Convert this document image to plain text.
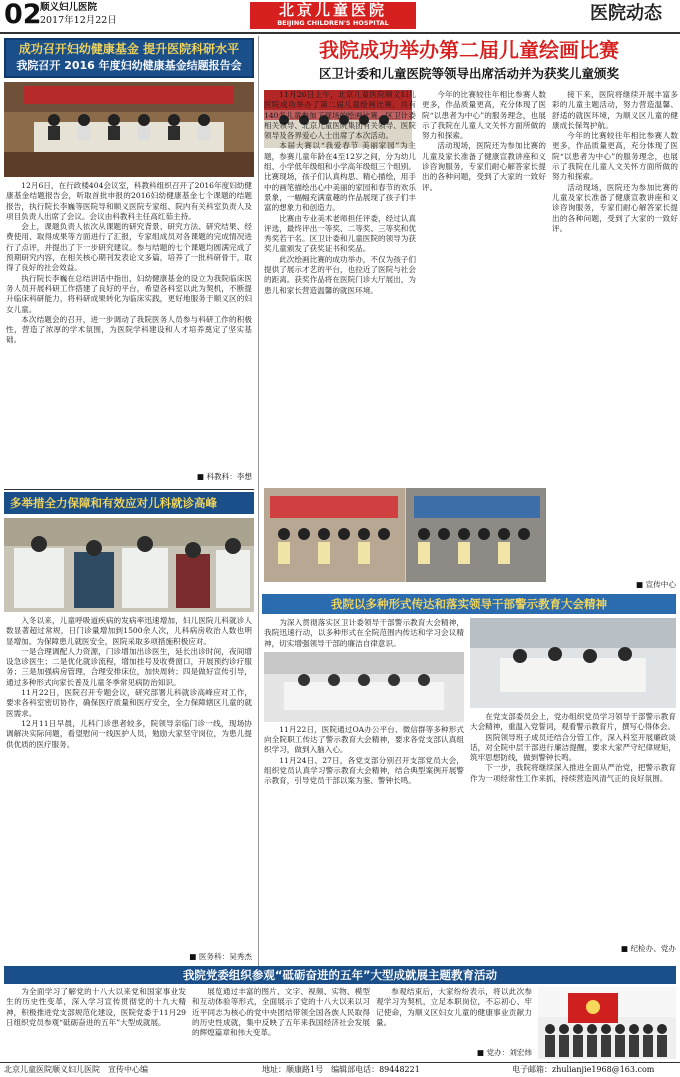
02
顺义妇儿医院
2017年12月22日
北京儿童医院
BEIJING CHILDREN'S HOSPITAL	医院动态
成功召开妇幼健康基金 提升医院科研水平
我院召开 2016 年度妇幼健康基金结题报告会

12月6日，在行政楼404会议室，科教科组织召开了2016年度妇幼健康基金结题报告会，听取首批申报的2016妇幼健康基金七个课题的结题报告，执行院长李巍等医院导和顺义医院专家组、院内有关科室负责人及项目负责人出席了会议。会议由科教科主任高红茹主持。

会上，课题负责人依次从课题的研究背景、研究方法、研究结果、经费使用、取得成果等方面进行了汇报，专家组成员对各课题的完成情况进行了点评，并提出了下一步研究建议。参与结题的七个课题均圆满完成了预期研究内容，在相关核心期刊发表论文多篇，培养了一批科研骨干，取得了良好的社会效益。

执行院长李巍在总结讲话中指出，妇幼健康基金的设立为我院临床医务人员开展科研工作搭建了良好的平台，希望各科室以此为契机，不断提升临床科研能力，将科研成果转化为临床实践，更好地服务于顺义区的妇女儿童。

本次结题会的召开，进一步调动了我院医务人员参与科研工作的积极性，营造了浓厚的学术氛围，为医院学科建设和人才培养奠定了坚实基础。

■ 科教科：李想
多举措全力保障和有效应对儿科就诊高峰

入冬以来，儿童呼吸道疾病的发病率迅速增加，妇儿医院儿科就诊人数显著超过常规，日门诊量增加到1500余人次，儿科病房收治人数也明显增加。为保障患儿就医安全，医院采取多项措施积极应对。

一是合理调配人力资源，门诊增加出诊医生，延长出诊时间，夜间增设急诊医生；二是优化就诊流程，增加挂号及收费窗口，开展预约诊疗服务；三是加强病房管理，合理安排床位，加快周转；四是做好宣传引导，通过多种形式向家长普及儿童冬季常见病防治知识。

11月22日，医院召开专题会议，研究部署儿科就诊高峰应对工作，要求各科室密切协作，确保医疗质量和医疗安全，全力保障辖区儿童的就医需求。

12月11日早晨，儿科门诊患者较多，院领导亲临门诊一线，现场协调解决实际问题，看望慰问一线医护人员，勉励大家坚守岗位，为患儿提供优质的医疗服务。

■ 医务科：吴秀杰
我院成功举办第二届儿童绘画比赛
区卫计委和儿童医院等领导出席活动并为获奖儿童颁奖

11月26日上午，北京儿童医院顺义妇儿医院成功举办了第二届儿童绘画比赛，共有140名儿童参加了现场的绘画比赛。区卫计委相关领导、北京儿童医院集团有关领导、医院领导及各界爱心人士出席了本次活动。

本届大赛以“我爱春节 美丽家园”为主题，参赛儿童年龄在4至12岁之间，分为幼儿组、小学低年级组和小学高年级组三个组别。比赛现场，孩子们认真构思、精心描绘，用手中的画笔描绘出心中美丽的家园和春节的欢乐景象，一幅幅充满童趣的作品展现了孩子们丰富的想象力和创造力。

比赛由专业美术老师担任评委，经过认真评选，最终评出一等奖、二等奖、三等奖和优秀奖若干名。区卫计委和儿童医院的领导为获奖儿童颁发了获奖证书和奖品。

此次绘画比赛的成功举办，不仅为孩子们提供了展示才艺的平台，也拉近了医院与社会的距离。获奖作品将在医院门诊大厅展出，为患儿和家长营造温馨的就医环境。

今年的比赛较往年相比参赛人数更多，作品质量更高，充分体现了医院“以患者为中心”的服务理念，也展示了我院在儿童人文关怀方面所做的努力和探索。

活动现场，医院还为参加比赛的儿童及家长准备了健康宣教讲座和义诊咨询服务，专家们耐心解答家长提出的各种问题，受到了大家的一致好评。

接下来，医院将继续开展丰富多彩的儿童主题活动，努力营造温馨、舒适的就医环境，为顺义区儿童的健康成长保驾护航。

今年的比赛较往年相比参赛人数更多，作品质量更高，充分体现了医院“以患者为中心”的服务理念，也展示了我院在儿童人文关怀方面所做的努力和探索。

活动现场，医院还为参加比赛的儿童及家长准备了健康宣教讲座和义诊咨询服务，专家们耐心解答家长提出的各种问题，受到了大家的一致好评。

■ 宣传中心
我院以多种形式传达和落实领导干部警示教育大会精神

为深入贯彻落实区卫计委领导干部警示教育大会精神，我院迅速行动，以多种形式在全院范围内传达和学习会议精神，切实增强领导干部的廉洁自律意识。

11月22日，医院通过OA办公平台、微信群等多种形式向全院职工传达了警示教育大会精神，要求各党支部认真组织学习，做到入脑入心。

11月24日、27日，各党支部分别召开支部党员大会，组织党员认真学习警示教育大会精神，结合典型案例开展警示教育，引导党员干部以案为鉴、警钟长鸣。

在党支部委员会上，党办组织党员学习领导干部警示教育大会精神，重温入党誓词，观看警示教育片，撰写心得体会。

医院领导班子成员还结合分管工作，深入科室开展廉政谈话，对全院中层干部进行廉洁提醒，要求大家严守纪律规矩，筑牢思想防线，做到警钟长鸣。

下一步，我院将继续深入推进全面从严治党，把警示教育作为一项经常性工作来抓，持续营造风清气正的良好氛围。

■ 纪检办、党办
我院党委组织参观“砥砺奋进的五年”大型成就展主题教育活动

为全面学习了解党的十八大以来党和国家事业发生的历史性变革，深入学习宣传贯彻党的十九大精神，积极推进党支部规范化建设，医院党委于11月29日组织党员参观“砥砺奋进的五年”大型成就展。

展览通过丰富的图片、文字、视频、实物、模型和互动体验等形式，全面展示了党的十八大以来以习近平同志为核心的党中央团结带领全国各族人民取得的历史性成就，集中反映了五年来我国经济社会发展的辉煌篇章和伟大变革。

参观结束后，大家纷纷表示，将以此次参观学习为契机，立足本职岗位，不忘初心、牢记使命，为顺义区妇女儿童的健康事业贡献力量。

■ 党办：刘宏炜
北京儿童医院顺义妇儿医院　宣传中心编	地址：顺康路1号　编辑部电话：89448221	电子邮箱：zhulianjie1968@163.com
